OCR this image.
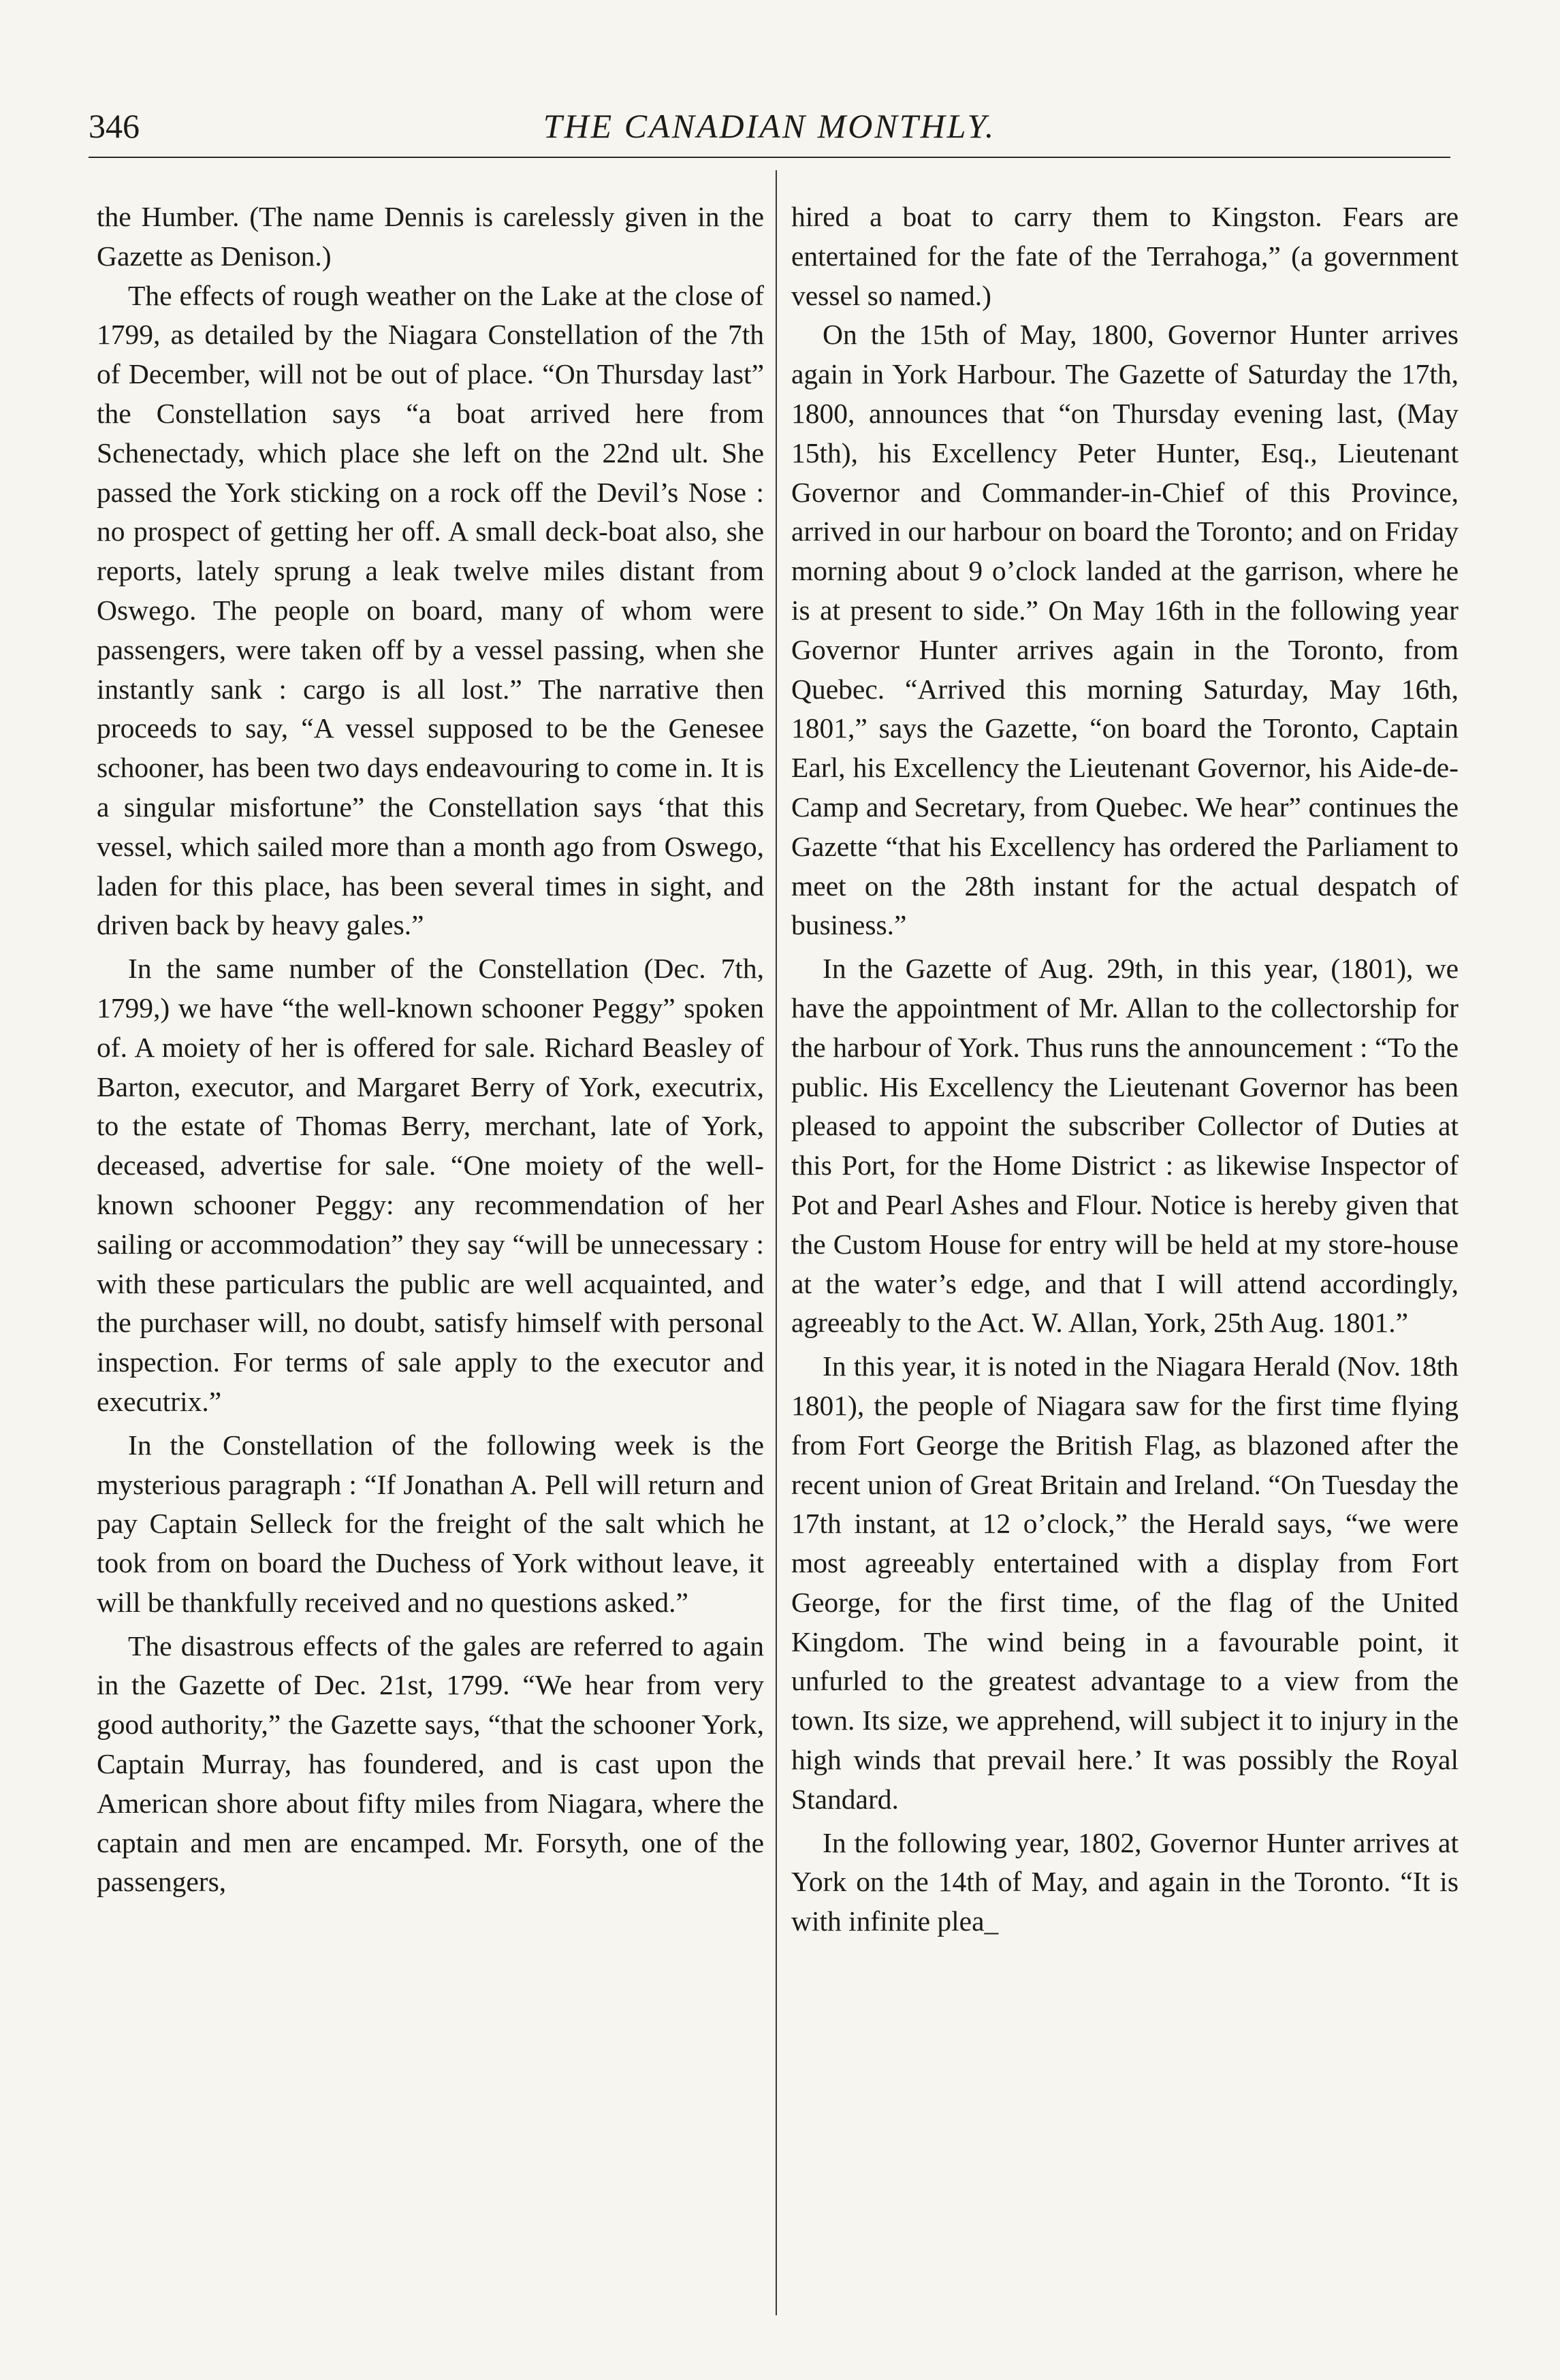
346	THE CANADIAN MONTHLY.

the Humber. (The name Dennis is carelessly given in the Gazette as Denison.)

The effects of rough weather on the Lake at the close of 1799, as detailed by the Niagara Constellation of the 7th of December, will not be out of place. “On Thursday last” the Constellation says “a boat arrived here from Schenectady, which place she left on the 22nd ult. She passed the York sticking on a rock off the Devil’s Nose : no prospect of getting her off. A small deck-boat also, she reports, lately sprung a leak twelve miles distant from Oswego. The people on board, many of whom were passengers, were taken off by a vessel passing, when she instantly sank : cargo is all lost.” The narrative then proceeds to say, “A vessel supposed to be the Genesee schooner, has been two days endeavouring to come in. It is a singular misfortune” the Constellation says ‘that this vessel, which sailed more than a month ago from Oswego, laden for this place, has been several times in sight, and driven back by heavy gales.”

In the same number of the Constellation (Dec. 7th, 1799,) we have “the well-known schooner Peggy” spoken of. A moiety of her is offered for sale. Richard Beasley of Barton, executor, and Margaret Berry of York, executrix, to the estate of Thomas Berry, merchant, late of York, deceased, advertise for sale. “One moiety of the well-known schooner Peggy: any recommendation of her sailing or accommodation” they say “will be unnecessary : with these particulars the public are well acquainted, and the purchaser will, no doubt, satisfy himself with personal inspection. For terms of sale apply to the executor and executrix.”

In the Constellation of the following week is the mysterious paragraph : “If Jonathan A. Pell will return and pay Captain Selleck for the freight of the salt which he took from on board the Duchess of York without leave, it will be thankfully received and no questions asked.”

The disastrous effects of the gales are referred to again in the Gazette of Dec. 21st, 1799. “We hear from very good authority,” the Gazette says, “that the schooner York, Captain Murray, has foundered, and is cast upon the American shore about fifty miles from Niagara, where the captain and men are encamped. Mr. Forsyth, one of the passengers,

hired a boat to carry them to Kingston. Fears are entertained for the fate of the Terrahoga,” (a government vessel so named.)

On the 15th of May, 1800, Governor Hunter arrives again in York Harbour. The Gazette of Saturday the 17th, 1800, announces that “on Thursday evening last, (May 15th), his Excellency Peter Hunter, Esq., Lieutenant Governor and Commander-in-Chief of this Province, arrived in our harbour on board the Toronto; and on Friday morning about 9 o’clock landed at the garrison, where he is at present to side.” On May 16th in the following year Governor Hunter arrives again in the Toronto, from Quebec. “Arrived this morning Saturday, May 16th, 1801,” says the Gazette, “on board the Toronto, Captain Earl, his Excellency the Lieutenant Governor, his Aide-de-Camp and Secretary, from Quebec. We hear” continues the Gazette “that his Excellency has ordered the Parliament to meet on the 28th instant for the actual despatch of business.”

In the Gazette of Aug. 29th, in this year, (1801), we have the appointment of Mr. Allan to the collectorship for the harbour of York. Thus runs the announcement : “To the public. His Excellency the Lieutenant Governor has been pleased to appoint the subscriber Collector of Duties at this Port, for the Home District : as likewise Inspector of Pot and Pearl Ashes and Flour. Notice is hereby given that the Custom House for entry will be held at my store-house at the water’s edge, and that I will attend accordingly, agreeably to the Act. W. Allan, York, 25th Aug. 1801.”

In this year, it is noted in the Niagara Herald (Nov. 18th 1801), the people of Niagara saw for the first time flying from Fort George the British Flag, as blazoned after the recent union of Great Britain and Ireland. “On Tuesday the 17th instant, at 12 o’clock,” the Herald says, “we were most agreeably entertained with a display from Fort George, for the first time, of the flag of the United Kingdom. The wind being in a favourable point, it unfurled to the greatest advantage to a view from the town. Its size, we apprehend, will subject it to injury in the high winds that prevail here.’ It was possibly the Royal Standard.

In the following year, 1802, Governor Hunter arrives at York on the 14th of May, and again in the Toronto. “It is with infinite plea_
